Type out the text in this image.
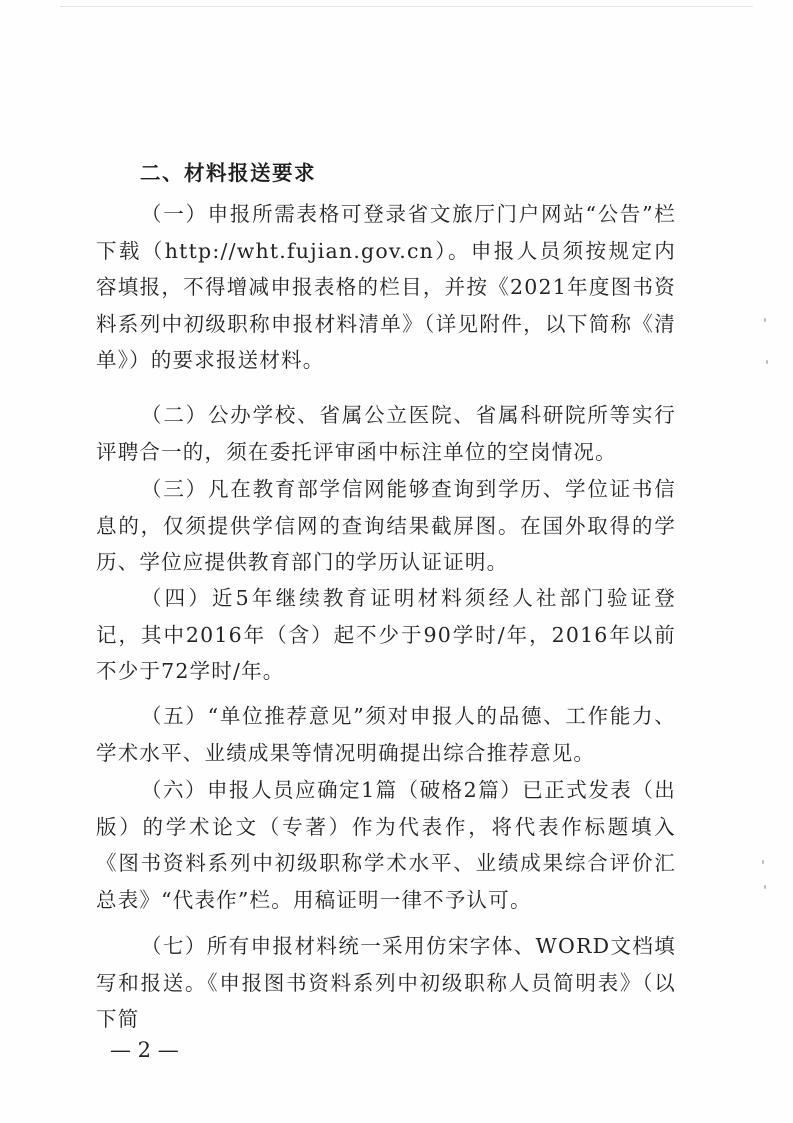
二、材料报送要求

（一）申报所需表格可登录省文旅厅门户网站“公告”栏下载（http://wht.fujian.gov.cn）。申报人员须按规定内容填报，不得增减申报表格的栏目，并按《2021年度图书资料系列中初级职称申报材料清单》（详见附件，以下简称《清单》）的要求报送材料。

（二）公办学校、省属公立医院、省属科研院所等实行评聘合一的，须在委托评审函中标注单位的空岗情况。

（三）凡在教育部学信网能够查询到学历、学位证书信息的，仅须提供学信网的查询结果截屏图。在国外取得的学历、学位应提供教育部门的学历认证证明。

（四）近5年继续教育证明材料须经人社部门验证登记，其中2016年（含）起不少于90学时/年，2016年以前不少于72学时/年。

（五）“单位推荐意见”须对申报人的品德、工作能力、学术水平、业绩成果等情况明确提出综合推荐意见。

（六）申报人员应确定1篇（破格2篇）已正式发表（出版）的学术论文（专著）作为代表作，将代表作标题填入《图书资料系列中初级职称学术水平、业绩成果综合评价汇总表》“代表作”栏。用稿证明一律不予认可。

（七）所有申报材料统一采用仿宋字体、WORD文档填写和报送。《申报图书资料系列中初级职称人员简明表》（以下简

— 2 —
